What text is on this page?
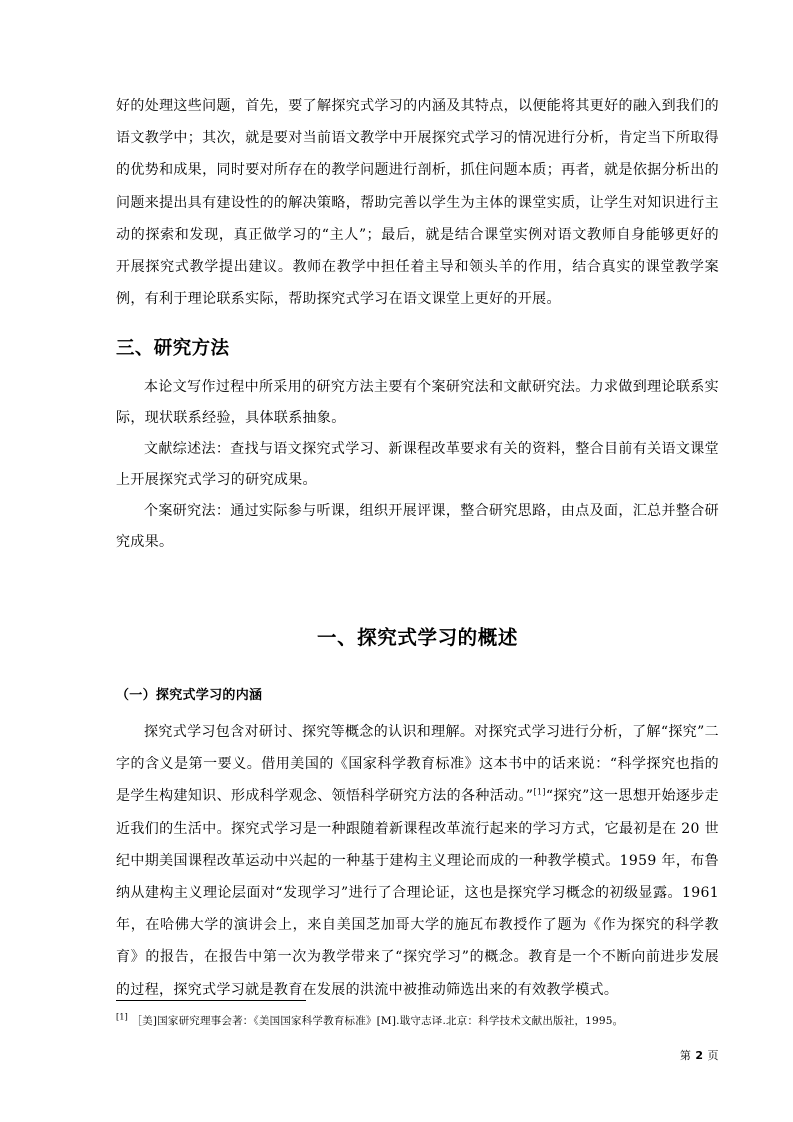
好的处理这些问题，首先，要了解探究式学习的内涵及其特点，以便能将其更好的融入到我们的语文教学中；其次，就是要对当前语文教学中开展探究式学习的情况进行分析，肯定当下所取得的优势和成果，同时要对所存在的教学问题进行剖析，抓住问题本质；再者，就是依据分析出的问题来提出具有建设性的的解决策略，帮助完善以学生为主体的课堂实质，让学生对知识进行主动的探索和发现，真正做学习的“主人”；最后，就是结合课堂实例对语文教师自身能够更好的开展探究式教学提出建议。教师在教学中担任着主导和领头羊的作用，结合真实的课堂教学案例，有利于理论联系实际，帮助探究式学习在语文课堂上更好的开展。

三、研究方法

本论文写作过程中所采用的研究方法主要有个案研究法和文献研究法。力求做到理论联系实际，现状联系经验，具体联系抽象。

文献综述法：查找与语文探究式学习、新课程改革要求有关的资料，整合目前有关语文课堂上开展探究式学习的研究成果。

个案研究法：通过实际参与听课，组织开展评课，整合研究思路，由点及面，汇总并整合研究成果。

一、探究式学习的概述
（一）探究式学习的内涵

探究式学习包含对研讨、探究等概念的认识和理解。对探究式学习进行分析，了解“探究”二字的含义是第一要义。借用美国的《国家科学教育标准》这本书中的话来说：“科学探究也指的是学生构建知识、形成科学观念、领悟科学研究方法的各种活动。”[1]“探究”这一思想开始逐步走近我们的生活中。探究式学习是一种跟随着新课程改革流行起来的学习方式，它最初是在 20 世纪中期美国课程改革运动中兴起的一种基于建构主义理论而成的一种教学模式。1959 年，布鲁纳从建构主义理论层面对“发现学习”进行了合理论证，这也是探究学习概念的初级显露。1961 年，在哈佛大学的演讲会上，来自美国芝加哥大学的施瓦布教授作了题为《作为探究的科学教育》的报告，在报告中第一次为教学带来了“探究学习”的概念。教育是一个不断向前进步发展的过程，探究式学习就是教育在发展的洪流中被推动筛选出来的有效教学模式。

[1] ［美]国家研究理事会著：《美国国家科学教育标准》[M].戢守志译.北京：科学技术文献出版社，1995。
第 2 页
